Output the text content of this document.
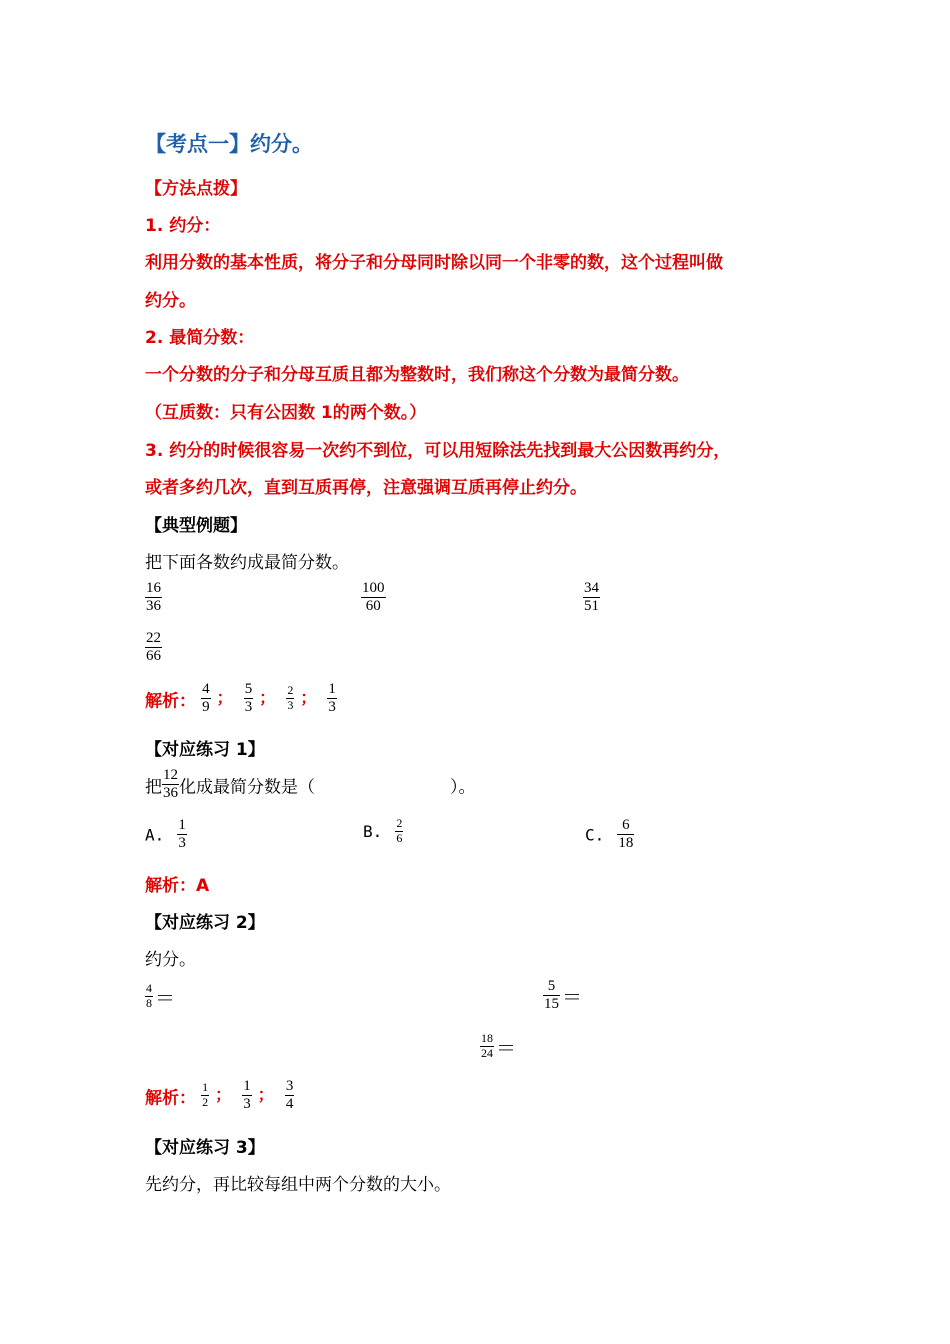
【考点一】约分。
【方法点拨】
1. 约分：
利用分数的基本性质，将分子和分母同时除以同一个非零的数，这个过程叫做
约分。
2. 最简分数：
一个分数的分子和分母互质且都为整数时，我们称这个分数为最简分数。
（互质数：只有公因数 1的两个数。）
3. 约分的时候很容易一次约不到位，可以用短除法先找到最大公因数再约分，
或者多约几次，直到互质再停，注意强调互质再停止约分。
【典型例题】
把下面各数约成最简分数。
$\frac{16}{36}$	$\frac{100}{60}$	$\frac{34}{51}$
$\frac{22}{66}$
解析： $\frac{4}{9}$ ； $\frac{5}{3}$ ； $\frac{2}{3}$ ； $\frac{1}{3}$
【对应练习 1】
把 $\frac{12}{36}$ 化成最简分数是（	）。
A. $\frac{1}{3}$	B. $\frac{2}{6}$	C. $\frac{6}{18}$
解析：A
【对应练习 2】
约分。
$\frac{4}{8}$ ＝	$\frac{5}{15}$ ＝
$\frac{18}{24}$ ＝
解析： $\frac{1}{2}$ ； $\frac{1}{3}$ ； $\frac{3}{4}$
【对应练习 3】
先约分，再比较每组中两个分数的大小。
